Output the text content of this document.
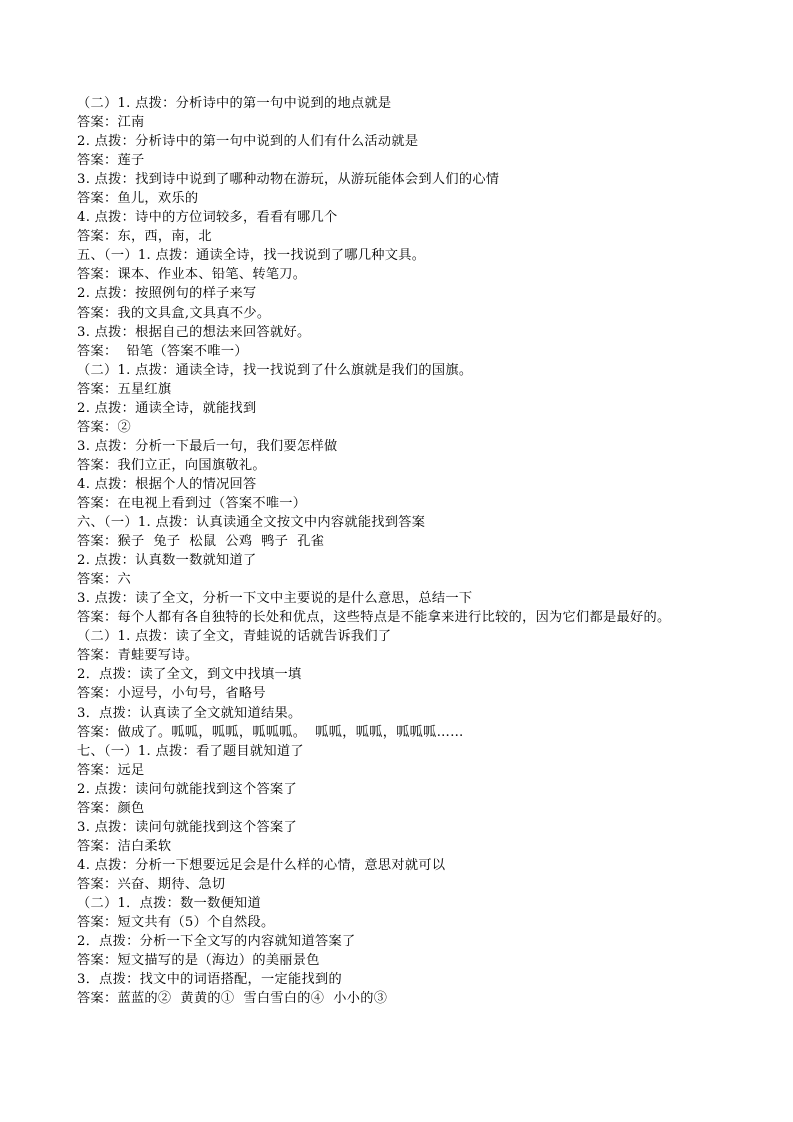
（二）1. 点拨：分析诗中的第一句中说到的地点就是
答案：江南
2. 点拨：分析诗中的第一句中说到的人们有什么活动就是
答案：莲子
3. 点拨：找到诗中说到了哪种动物在游玩，从游玩能体会到人们的心情
答案：鱼儿，欢乐的
4. 点拨：诗中的方位词较多，看看有哪几个
答案：东，西，南，北
五、（一）1. 点拨：通读全诗，找一找说到了哪几种文具。
答案：课本、作业本、铅笔、转笔刀。
2. 点拨：按照例句的样子来写
答案：我的文具盒,文具真不少。
3. 点拨：根据自己的想法来回答就好。
答案：  铅笔（答案不唯一）
（二）1. 点拨：通读全诗，找一找说到了什么旗就是我们的国旗。
答案：五星红旗
2. 点拨：通读全诗，就能找到
答案：②
3. 点拨：分析一下最后一句，我们要怎样做
答案：我们立正，向国旗敬礼。
4. 点拨：根据个人的情况回答
答案：在电视上看到过（答案不唯一）
六、（一）1. 点拨：认真读通全文按文中内容就能找到答案
答案：猴子  兔子  松鼠  公鸡  鸭子  孔雀
2. 点拨：认真数一数就知道了
答案：六
3. 点拨：读了全文，分析一下文中主要说的是什么意思，总结一下
答案：每个人都有各自独特的长处和优点，这些特点是不能拿来进行比较的，因为它们都是最好的。
（二）1. 点拨：读了全文，青蛙说的话就告诉我们了
答案：青蛙要写诗。
2．点拨：读了全文，到文中找填一填
答案：小逗号，小句号，省略号
3．点拨：认真读了全文就知道结果。
答案：做成了。呱呱，呱呱，呱呱呱。  呱呱，呱呱，呱呱呱……
七、（一）1. 点拨：看了题目就知道了
答案：远足
2. 点拨：读问句就能找到这个答案了
答案：颜色
3. 点拨：读问句就能找到这个答案了
答案：洁白柔软
4. 点拨：分析一下想要远足会是什么样的心情，意思对就可以
答案：兴奋、期待、急切
（二）1．点拨：数一数便知道
答案：短文共有（5）个自然段。
2．点拨：分析一下全文写的内容就知道答案了
答案：短文描写的是（海边）的美丽景色
3．点拨：找文中的词语搭配，一定能找到的
答案：蓝蓝的②  黄黄的①  雪白雪白的④  小小的③
